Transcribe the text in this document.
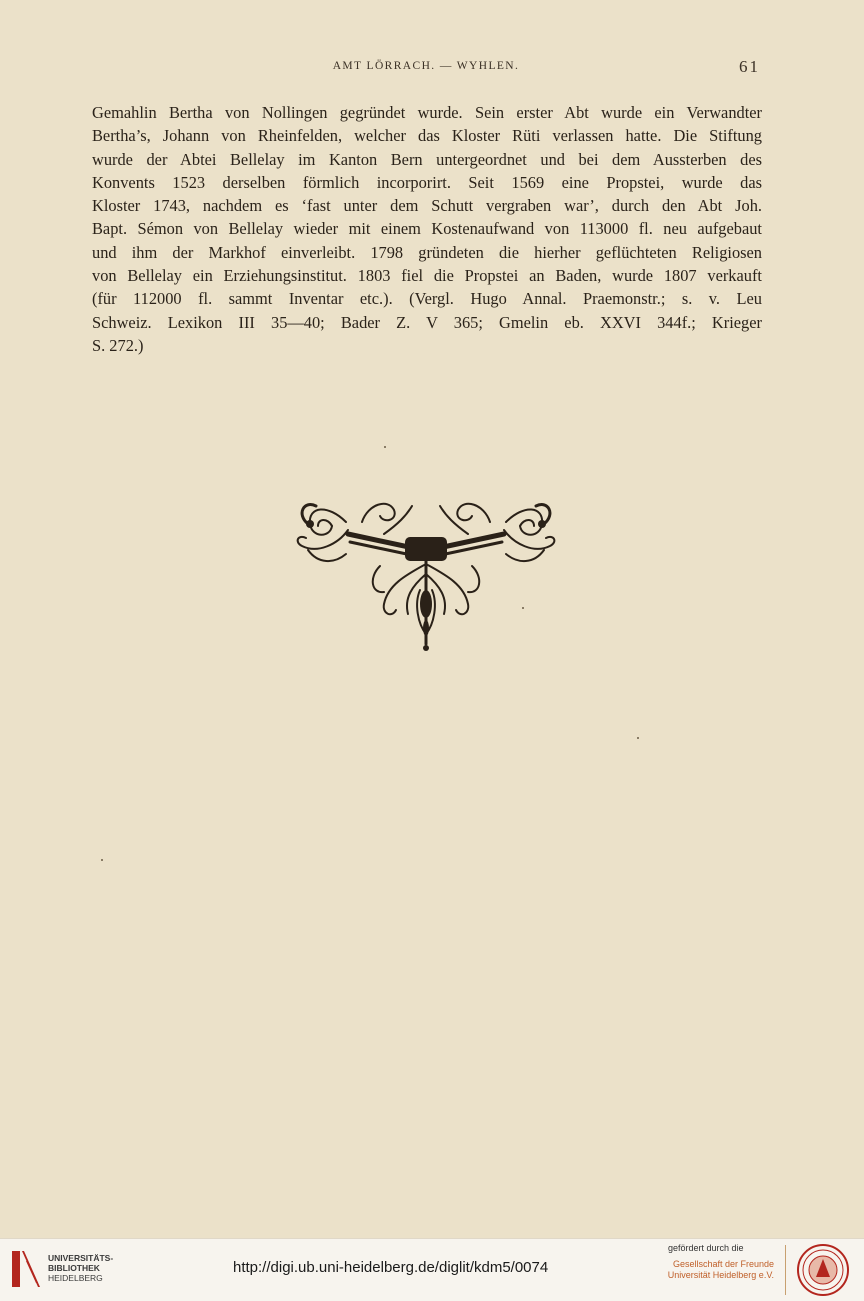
AMT LÖRRACH. — WYHLEN.	61
Gemahlin Bertha von Nollingen gegründet wurde. Sein erster Abt wurde ein Verwandter
Bertha’s, Johann von Rheinfelden, welcher das Kloster Rüti verlassen hatte. Die Stiftung
wurde der Abtei Bellelay im Kanton Bern untergeordnet und bei dem Aussterben des
Konvents 1523 derselben förmlich incorporirt. Seit 1569 eine Propstei, wurde das
Kloster 1743, nachdem es ‘fast unter dem Schutt vergraben war’, durch den Abt Joh.
Bapt. Sémon von Bellelay wieder mit einem Kostenaufwand von 113000 fl. neu aufgebaut
und ihm der Markhof einverleibt. 1798 gründeten die hierher geflüchteten Religiosen
von Bellelay ein Erziehungsinstitut. 1803 fiel die Propstei an Baden, wurde 1807 verkauft
(für 112000 fl. sammt Inventar etc.). (Vergl. Hugo Annal. Praemonstr.; s. v. Leu
Schweiz. Lexikon III 35—40; Bader Z. V 365; Gmelin eb. XXVI 344f.; Krieger
S. 272.)
UNIVERSITÄTS-
BIBLIOTHEK
HEIDELBERG
http://digi.ub.uni-heidelberg.de/diglit/kdm5/0074
gefördert durch die
Gesellschaft der Freunde
Universität Heidelberg e.V.
